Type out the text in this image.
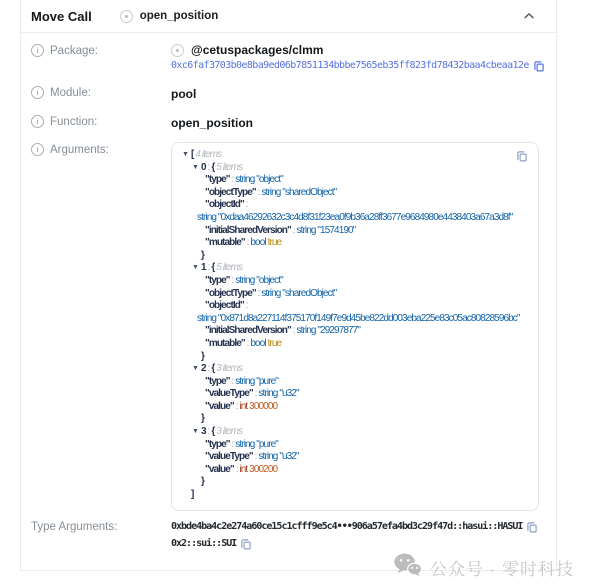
Move Call	open_position
i Package:	@cetuspackages/clmm
0xc6faf3703b0e8ba9ed06b7851134bbbe7565eb35ff823fd78432baa4cbeaa12e
i Module:	pool
i Function:	open_position
i Arguments:	▼ [ 4 items
▼ 0 : { 5 items
"type" : string "object"
"objectType" : string "sharedObject"
"objectId" :
string "0xdaa46292632c3c4d8f31f23ea0f9b36a28ff3677e9684980e4438403a67a3d8f"
"initialSharedVersion" : string "1574190"
"mutable" : bool true
}
▼ 1 : { 5 items
"type" : string "object"
"objectType" : string "sharedObject"
"objectId" :
string "0x871d8a227114f375170f149f7e9d45be822dd003eba225e83c05ac80828596bc"
"initialSharedVersion" : string "29297877"
"mutable" : bool true
}
▼ 2 : { 3 items
"type" : string "pure"
"valueType" : string "u32"
"value" : int 300000
}
▼ 3 : { 3 items
"type" : string "pure"
"valueType" : string "u32"
"value" : int 300200
}
]
Type Arguments:	0xbde4ba4c2e274a60ce15c1cfff9e5c4•••906a57efa4bd3c29f47d::hasui::HASUI
0x2::sui::SUI
公众号 · 零时科技
